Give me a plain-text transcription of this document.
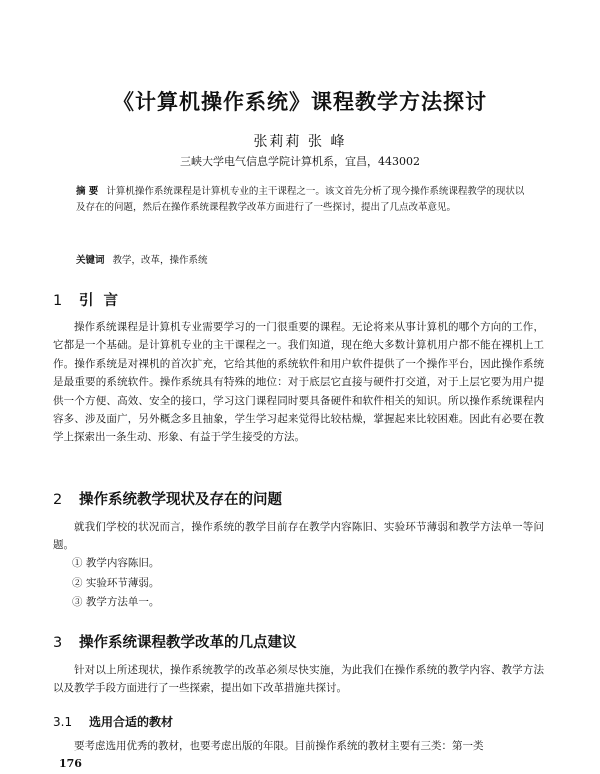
《计算机操作系统》课程教学方法探讨
张莉莉 张 峰
三峡大学电气信息学院计算机系，宜昌，443002

摘 要 计算机操作系统课程是计算机专业的主干课程之一。该文首先分析了现今操作系统课程教学的现状以及存在的问题，然后在操作系统课程教学改革方面进行了一些探讨，提出了几点改革意见。

关键词 教学，改革，操作系统

1 引言

操作系统课程是计算机专业需要学习的一门很重要的课程。无论将来从事计算机的哪个方向的工作，它都是一个基础。是计算机专业的主干课程之一。我们知道，现在绝大多数计算机用户都不能在裸机上工作。操作系统是对裸机的首次扩充，它给其他的系统软件和用户软件提供了一个操作平台，因此操作系统是最重要的系统软件。操作系统具有特殊的地位：对于底层它直接与硬件打交道，对于上层它要为用户提供一个方便、高效、安全的接口，学习这门课程同时要具备硬件和软件相关的知识。所以操作系统课程内容多、涉及面广，另外概念多且抽象，学生学习起来觉得比较枯燥，掌握起来比较困难。因此有必要在教学上探索出一条生动、形象、有益于学生接受的方法。

2 操作系统教学现状及存在的问题

就我们学校的状况而言，操作系统的教学目前存在教学内容陈旧、实验环节薄弱和教学方法单一等问题。

① 教学内容陈旧。
② 实验环节薄弱。
③ 教学方法单一。
3 操作系统课程教学改革的几点建议

针对以上所述现状，操作系统教学的改革必须尽快实施，为此我们在操作系统的教学内容、教学方法以及教学手段方面进行了一些探索，提出如下改革措施共探讨。

3.1 选用合适的教材

要考虑选用优秀的教材，也要考虑出版的年限。目前操作系统的教材主要有三类：第一类

176
